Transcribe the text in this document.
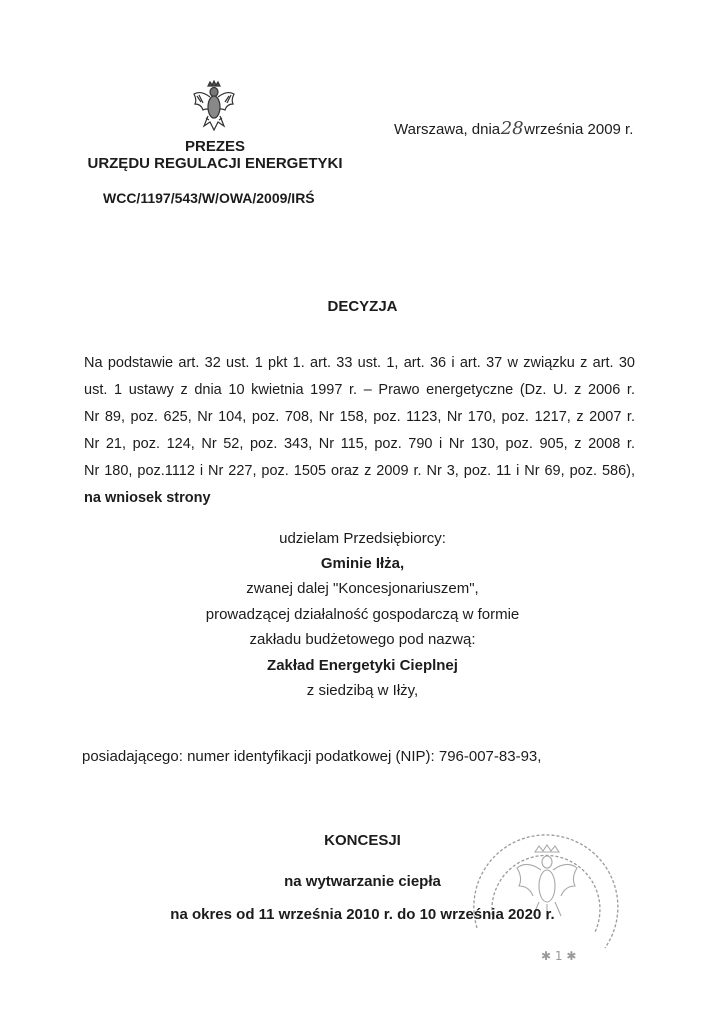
PREZES
URZĘDU REGULACJI ENERGETYKI
Warszawa, dnia28września 2009 r.
WCC/1197/543/W/OWA/2009/IRŚ
DECYZJA
Na podstawie art. 32 ust. 1 pkt 1. art. 33 ust. 1, art. 36 i art. 37 w związku z art. 30
ust. 1 ustawy z dnia 10 kwietnia 1997 r. – Prawo energetyczne (Dz. U. z 2006 r.
Nr 89, poz. 625, Nr 104, poz. 708, Nr 158, poz. 1123, Nr 170, poz. 1217, z 2007 r.
Nr 21, poz. 124, Nr 52, poz. 343, Nr 115, poz. 790 i Nr 130, poz. 905, z 2008 r.
Nr 180, poz.1112 i Nr 227, poz. 1505 oraz z 2009 r. Nr 3, poz. 11 i Nr 69, poz. 586),
na wniosek strony
udzielam Przedsiębiorcy:
Gminie Iłża,
zwanej dalej "Koncesjonariuszem",
prowadzącej działalność gospodarczą w formie
zakładu budżetowego pod nazwą:
Zakład Energetyki Cieplnej
z siedzibą w Iłży,
posiadającego: numer identyfikacji podatkowej (NIP): 796-007-83-93,
✱ 1 ✱
KONCESJI
na wytwarzanie ciepła
na okres od 11 września 2010 r. do 10 września 2020 r.
